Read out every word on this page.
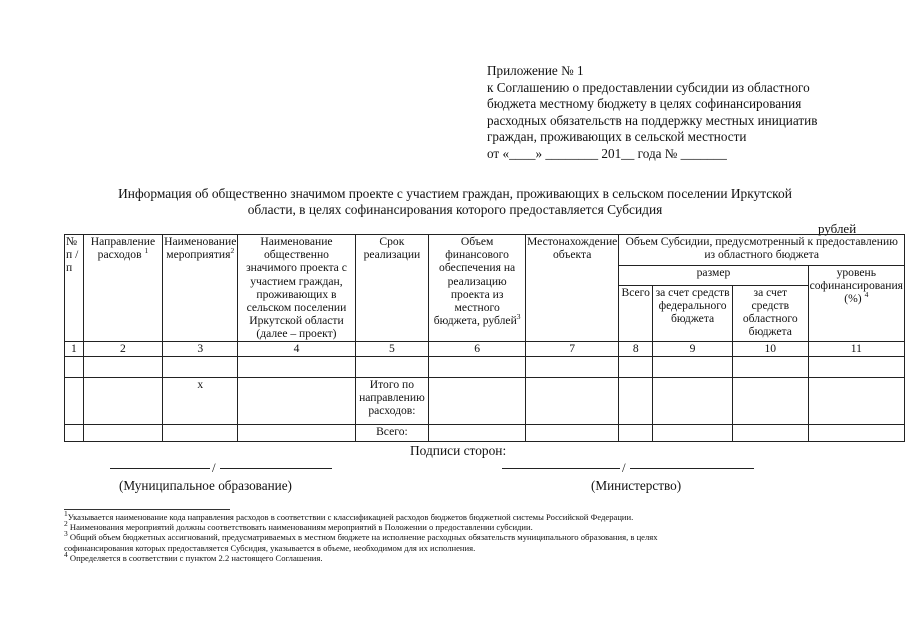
Приложение № 1
к Соглашению о предоставлении субсидии из областного
бюджета местному бюджету в целях софинансирования
расходных обязательств на поддержку местных инициатив
граждан, проживающих в сельской местности
от «____» ________ 201__ года № _______
Информация об общественно значимом проекте с участием граждан, проживающих в сельском поселении Иркутской
области, в целях софинансирования которого предоставляется Субсидия
рублей
№ п / п	Направление расходов $^1$	Наименование мероприятия$^2$	Наименование общественно значимого проекта с участием граждан, проживающих в сельском поселении Иркутской области (далее – проект)	Срок реализации	Объем финансового обеспечения на реализацию проекта из местного бюджета, рублей$^3$	Местонахождение объекта	Объем Субсидии, предусмотренный к предоставлению из областного бюджета			
							размер			уровень софинансирования (%) $^4$
							Всего	за счет средств федерального бюджета	за счет средств областного бюджета	
1	2	3	4	5	6	7	8	9	10	11

		х		Итого по направлению расходов:						
				Всего:						
Подписи сторон:
/
(Муниципальное образование)
/
(Министерство)
$^1$Указывается наименование кода направления расходов в соответствии с классификацией расходов бюджетов бюджетной системы Российской Федерации.
$^2$ Наименования мероприятий должны соответствовать наименованиям мероприятий в Положении о предоставлении субсидии.
$^3$ Общий объем бюджетных ассигнований, предусматриваемых в местном бюджете на исполнение расходных обязательств муниципального образования, в целях
софинансирования которых предоставляется Субсидия, указывается в объеме, необходимом для их исполнения.
$^4$ Определяется в соответствии с пунктом 2.2 настоящего Соглашения.
